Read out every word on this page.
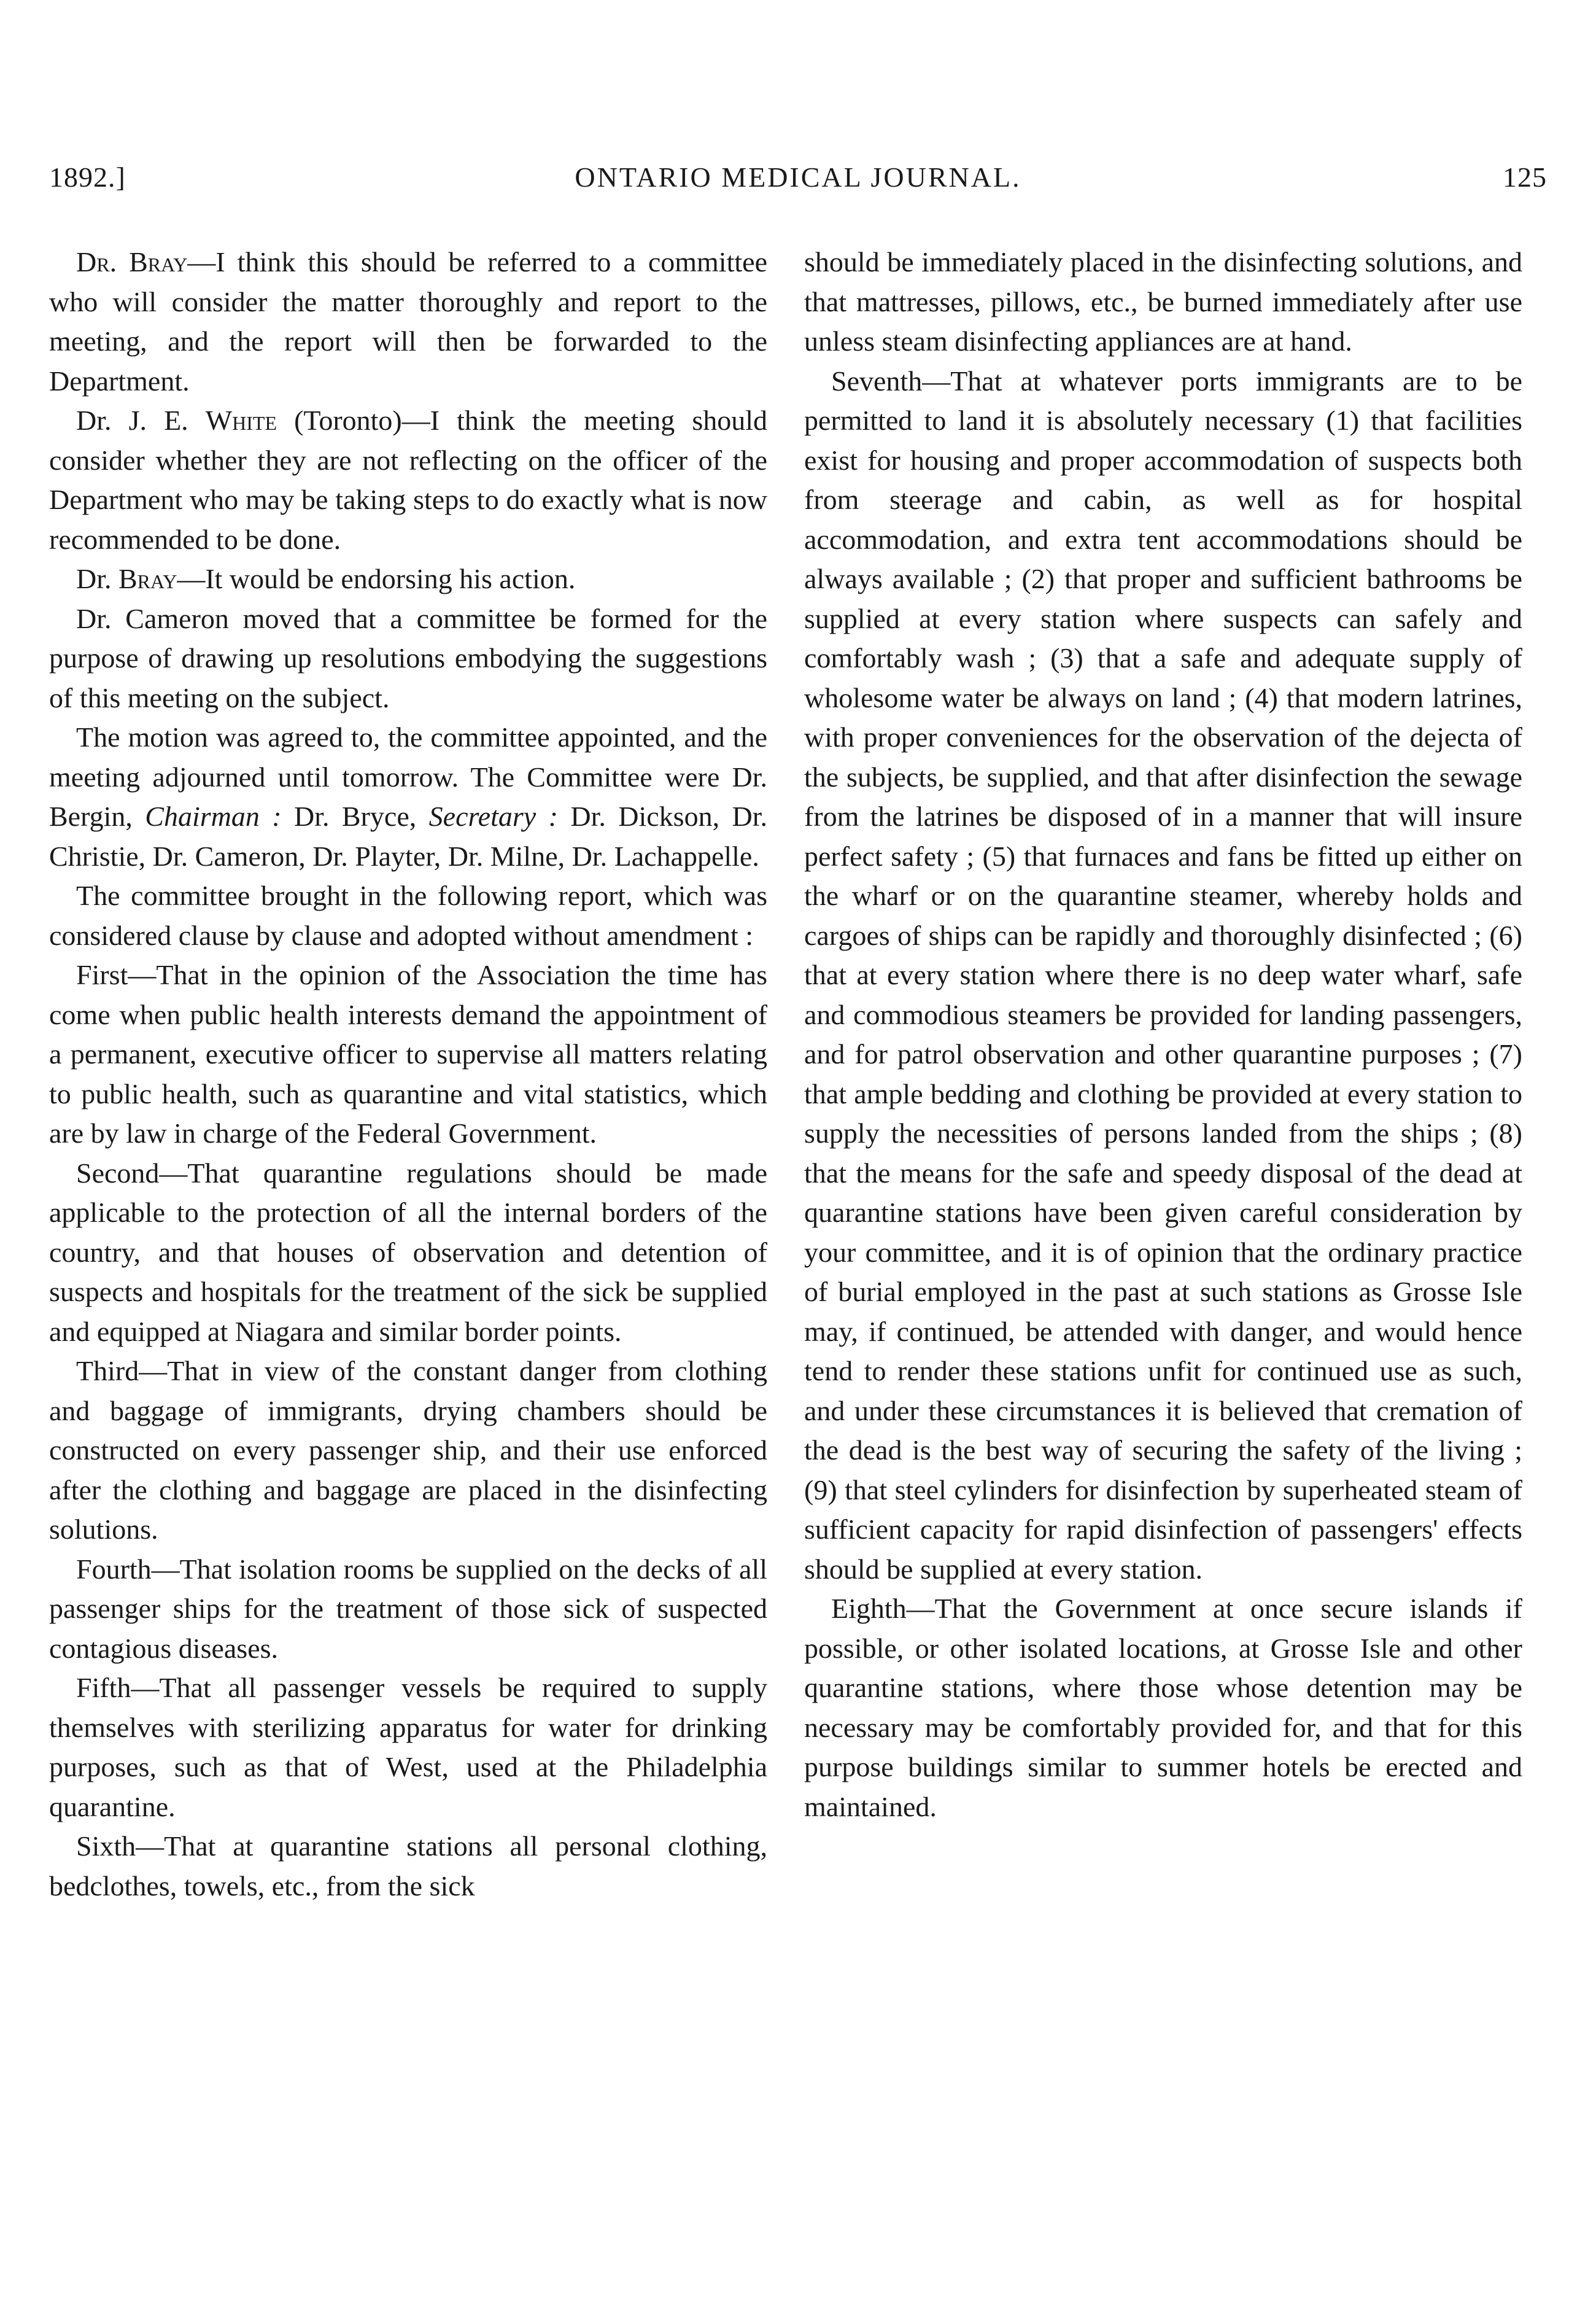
1892.]	ONTARIO MEDICAL JOURNAL.	125

Dr. Bray—I think this should be referred to a committee who will consider the matter thoroughly and report to the meeting, and the report will then be forwarded to the Department.

Dr. J. E. White (Toronto)—I think the meeting should consider whether they are not reflecting on the officer of the Department who may be taking steps to do exactly what is now recommended to be done.

Dr. Bray—It would be endorsing his action.

Dr. Cameron moved that a committee be formed for the purpose of drawing up resolutions embodying the suggestions of this meeting on the subject.

The motion was agreed to, the committee appointed, and the meeting adjourned until tomorrow. The Committee were Dr. Bergin, Chairman : Dr. Bryce, Secretary : Dr. Dickson, Dr. Christie, Dr. Cameron, Dr. Playter, Dr. Milne, Dr. Lachappelle.

The committee brought in the following report, which was considered clause by clause and adopted without amendment :

First—That in the opinion of the Association the time has come when public health interests demand the appointment of a permanent, executive officer to supervise all matters relating to public health, such as quarantine and vital statistics, which are by law in charge of the Federal Government.

Second—That quarantine regulations should be made applicable to the protection of all the internal borders of the country, and that houses of observation and detention of suspects and hospitals for the treatment of the sick be supplied and equipped at Niagara and similar border points.

Third—That in view of the constant danger from clothing and baggage of immigrants, drying chambers should be constructed on every passenger ship, and their use enforced after the clothing and baggage are placed in the disinfecting solutions.

Fourth—That isolation rooms be supplied on the decks of all passenger ships for the treatment of those sick of suspected contagious diseases.

Fifth—That all passenger vessels be required to supply themselves with sterilizing apparatus for water for drinking purposes, such as that of West, used at the Philadelphia quarantine.

Sixth—That at quarantine stations all personal clothing, bedclothes, towels, etc., from the sick

should be immediately placed in the disinfecting solutions, and that mattresses, pillows, etc., be burned immediately after use unless steam disinfecting appliances are at hand.

Seventh—That at whatever ports immigrants are to be permitted to land it is absolutely necessary (1) that facilities exist for housing and proper accommodation of suspects both from steerage and cabin, as well as for hospital accommodation, and extra tent accommodations should be always available ; (2) that proper and sufficient bathrooms be supplied at every station where suspects can safely and comfortably wash ; (3) that a safe and adequate supply of wholesome water be always on land ; (4) that modern latrines, with proper conveniences for the observation of the dejecta of the subjects, be supplied, and that after disinfection the sewage from the latrines be disposed of in a manner that will insure perfect safety ; (5) that furnaces and fans be fitted up either on the wharf or on the quarantine steamer, whereby holds and cargoes of ships can be rapidly and thoroughly disinfected ; (6) that at every station where there is no deep water wharf, safe and commodious steamers be provided for landing passengers, and for patrol observation and other quarantine purposes ; (7) that ample bedding and clothing be provided at every station to supply the necessities of persons landed from the ships ; (8) that the means for the safe and speedy disposal of the dead at quarantine stations have been given careful consideration by your committee, and it is of opinion that the ordinary practice of burial employed in the past at such stations as Grosse Isle may, if continued, be attended with danger, and would hence tend to render these stations unfit for continued use as such, and under these circumstances it is believed that cremation of the dead is the best way of securing the safety of the living ; (9) that steel cylinders for disinfection by superheated steam of sufficient capacity for rapid disinfection of passengers' effects should be supplied at every station.

Eighth—That the Government at once secure islands if possible, or other isolated locations, at Grosse Isle and other quarantine stations, where those whose detention may be necessary may be comfortably provided for, and that for this purpose buildings similar to summer hotels be erected and maintained.
